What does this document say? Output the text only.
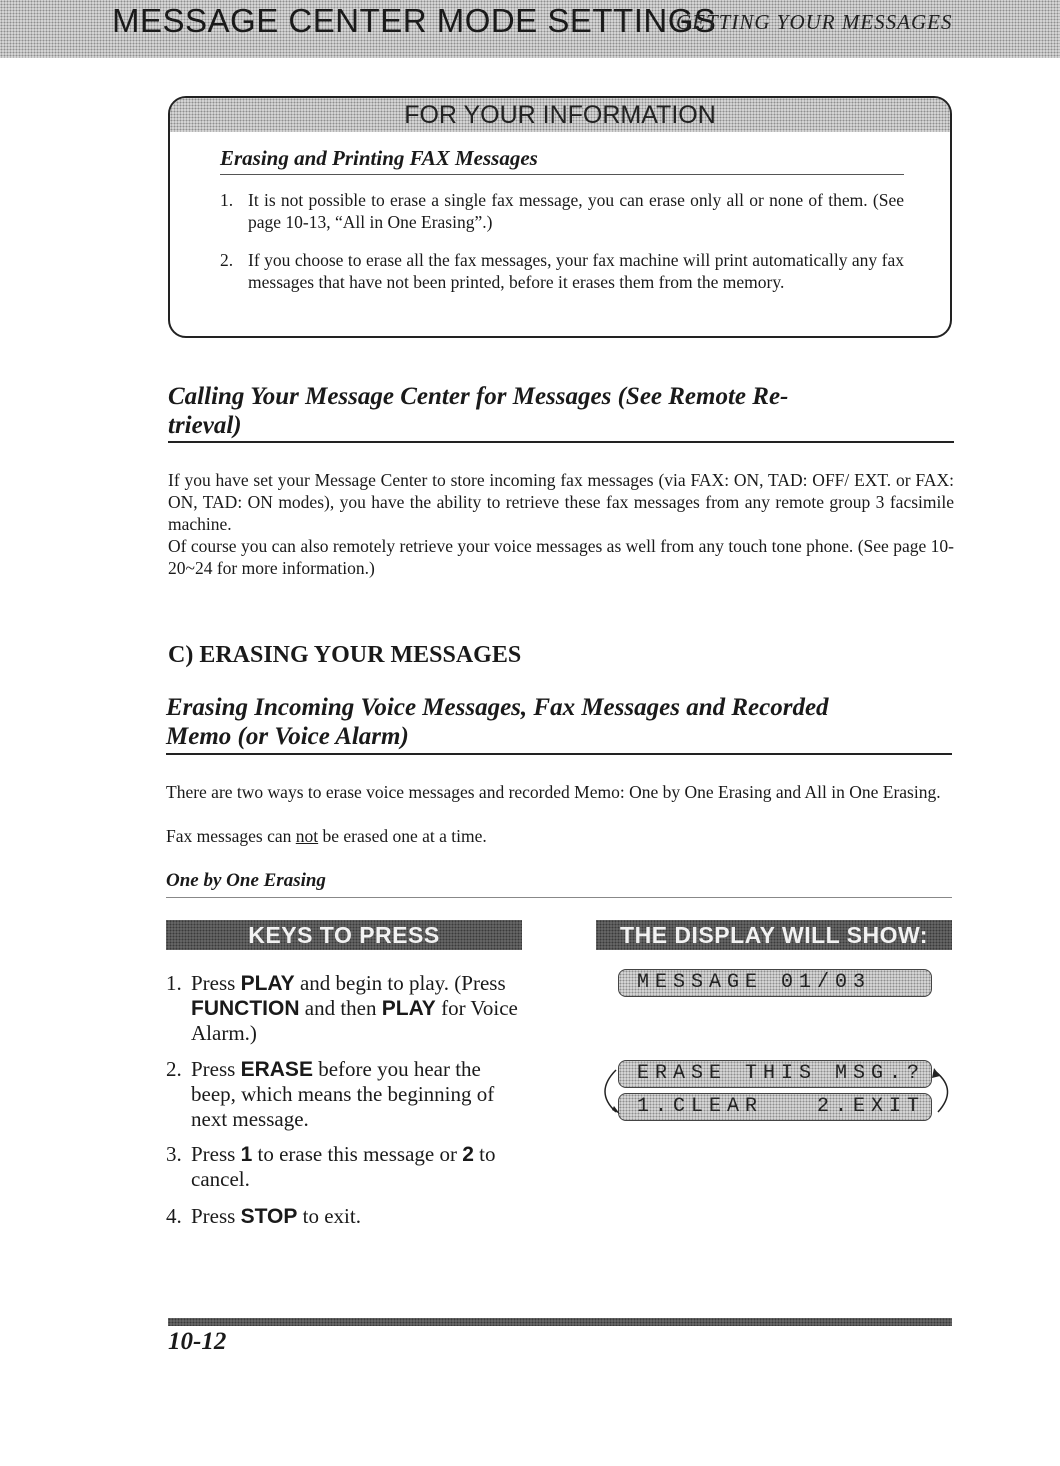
MESSAGE CENTER MODE SETTINGS
GETTING YOUR MESSAGES
FOR YOUR INFORMATION
Erasing and Printing FAX Messages
1. It is not possible to erase a single fax message, you can erase only all or none of them. (See page 10-13, “All in One Erasing”.)
2. If you choose to erase all the fax messages, your fax machine will print automatically any fax messages that have not been printed, before it erases them from the memory.
Calling Your Message Center for Messages (See Remote Re-
trieval)
If you have set your Message Center to store incoming fax messages (via FAX: ON, TAD: OFF/ EXT. or FAX: ON, TAD: ON modes), you have the ability to retrieve these fax messages from any remote group 3 facsimile machine.
Of course you can also remotely retrieve your voice messages as well from any touch tone phone. (See page 10-20~24 for more information.)
C) ERASING YOUR MESSAGES
Erasing Incoming Voice Messages, Fax Messages and Recorded
Memo (or Voice Alarm)
There are two ways to erase voice messages and recorded Memo: One by One Erasing and All in One Erasing.
Fax messages can not be erased one at a time.
One by One Erasing
KEYS TO PRESS
1. Press PLAY and begin to play. (Press FUNCTION and then PLAY for Voice Alarm.)
2. Press ERASE before you hear the beep, which means the beginning of next message.
3. Press 1 to erase this message or 2 to cancel.
4. Press STOP to exit.
THE DISPLAY WILL SHOW:
MESSAGE 01/03
ERASE THIS MSG.?
1.CLEAR   2.EXIT
10-12
